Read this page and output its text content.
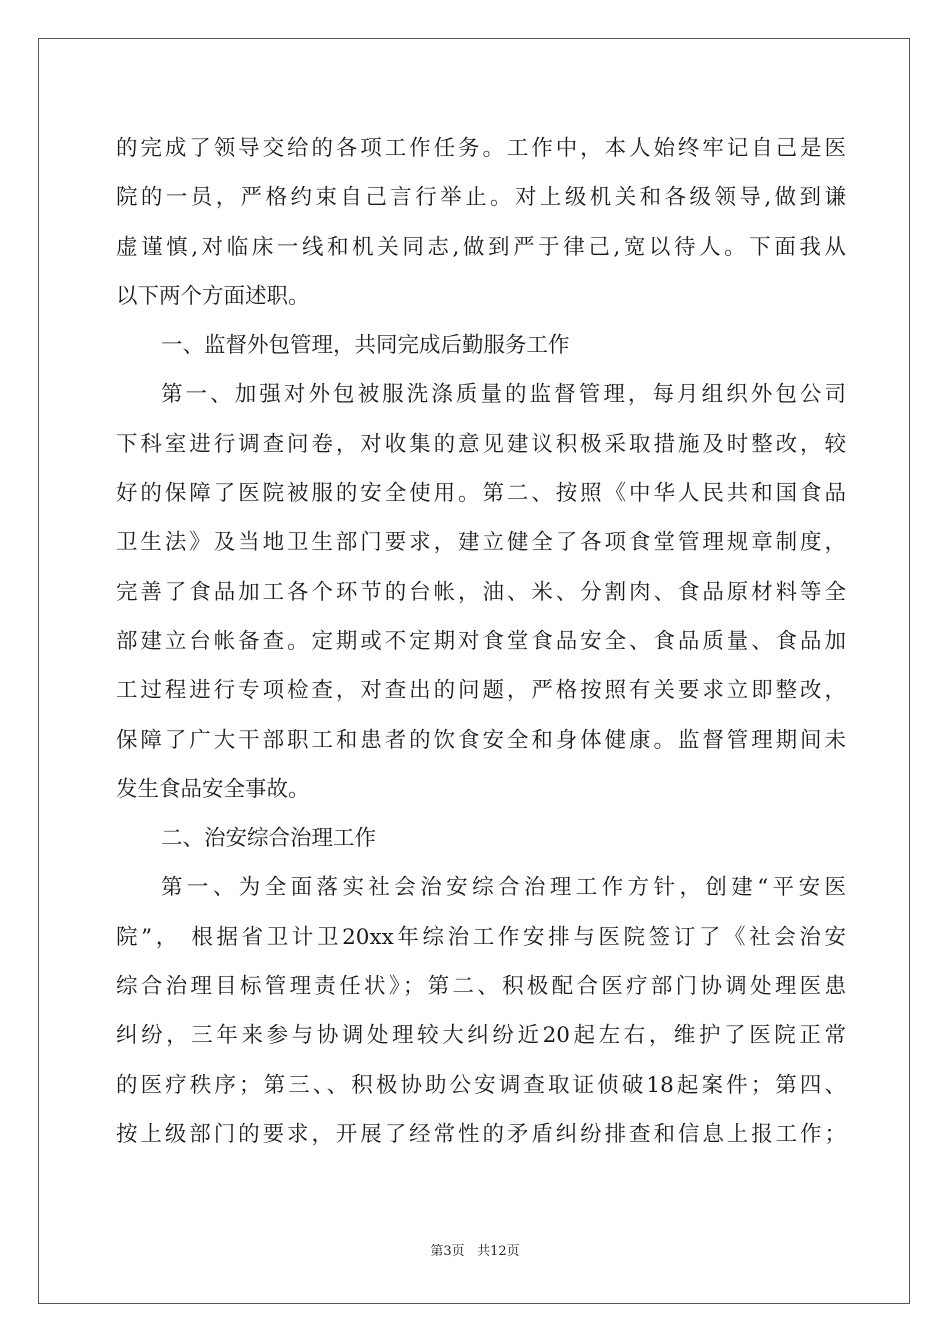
的完成了领导交给的各项工作任务。工作中，本人始终牢记自己是医
院的一员，严格约束自己言行举止。对上级机关和各级领导,做到谦
虚谨慎,对临床一线和机关同志,做到严于律己,宽以待人。下面我从
以下两个方面述职。
一、监督外包管理，共同完成后勤服务工作
第一、加强对外包被服洗涤质量的监督管理，每月组织外包公司
下科室进行调查问卷，对收集的意见建议积极采取措施及时整改，较
好的保障了医院被服的安全使用。第二、按照《中华人民共和国食品
卫生法》及当地卫生部门要求，建立健全了各项食堂管理规章制度，
完善了食品加工各个环节的台帐，油、米、分割肉、食品原材料等全
部建立台帐备查。定期或不定期对食堂食品安全、食品质量、食品加
工过程进行专项检查，对查出的问题，严格按照有关要求立即整改，
保障了广大干部职工和患者的饮食安全和身体健康。监督管理期间未
发生食品安全事故。
二、治安综合治理工作
第一、为全面落实社会治安综合治理工作方针，创建“平安医
院”， 根据省卫计卫20xx年综治工作安排与医院签订了《社会治安
综合治理目标管理责任状》；第二、积极配合医疗部门协调处理医患
纠纷，三年来参与协调处理较大纠纷近20起左右，维护了医院正常
的医疗秩序；第三、、积极协助公安调查取证侦破18起案件；第四、
按上级部门的要求，开展了经常性的矛盾纠纷排查和信息上报工作；
第3页 共12页
